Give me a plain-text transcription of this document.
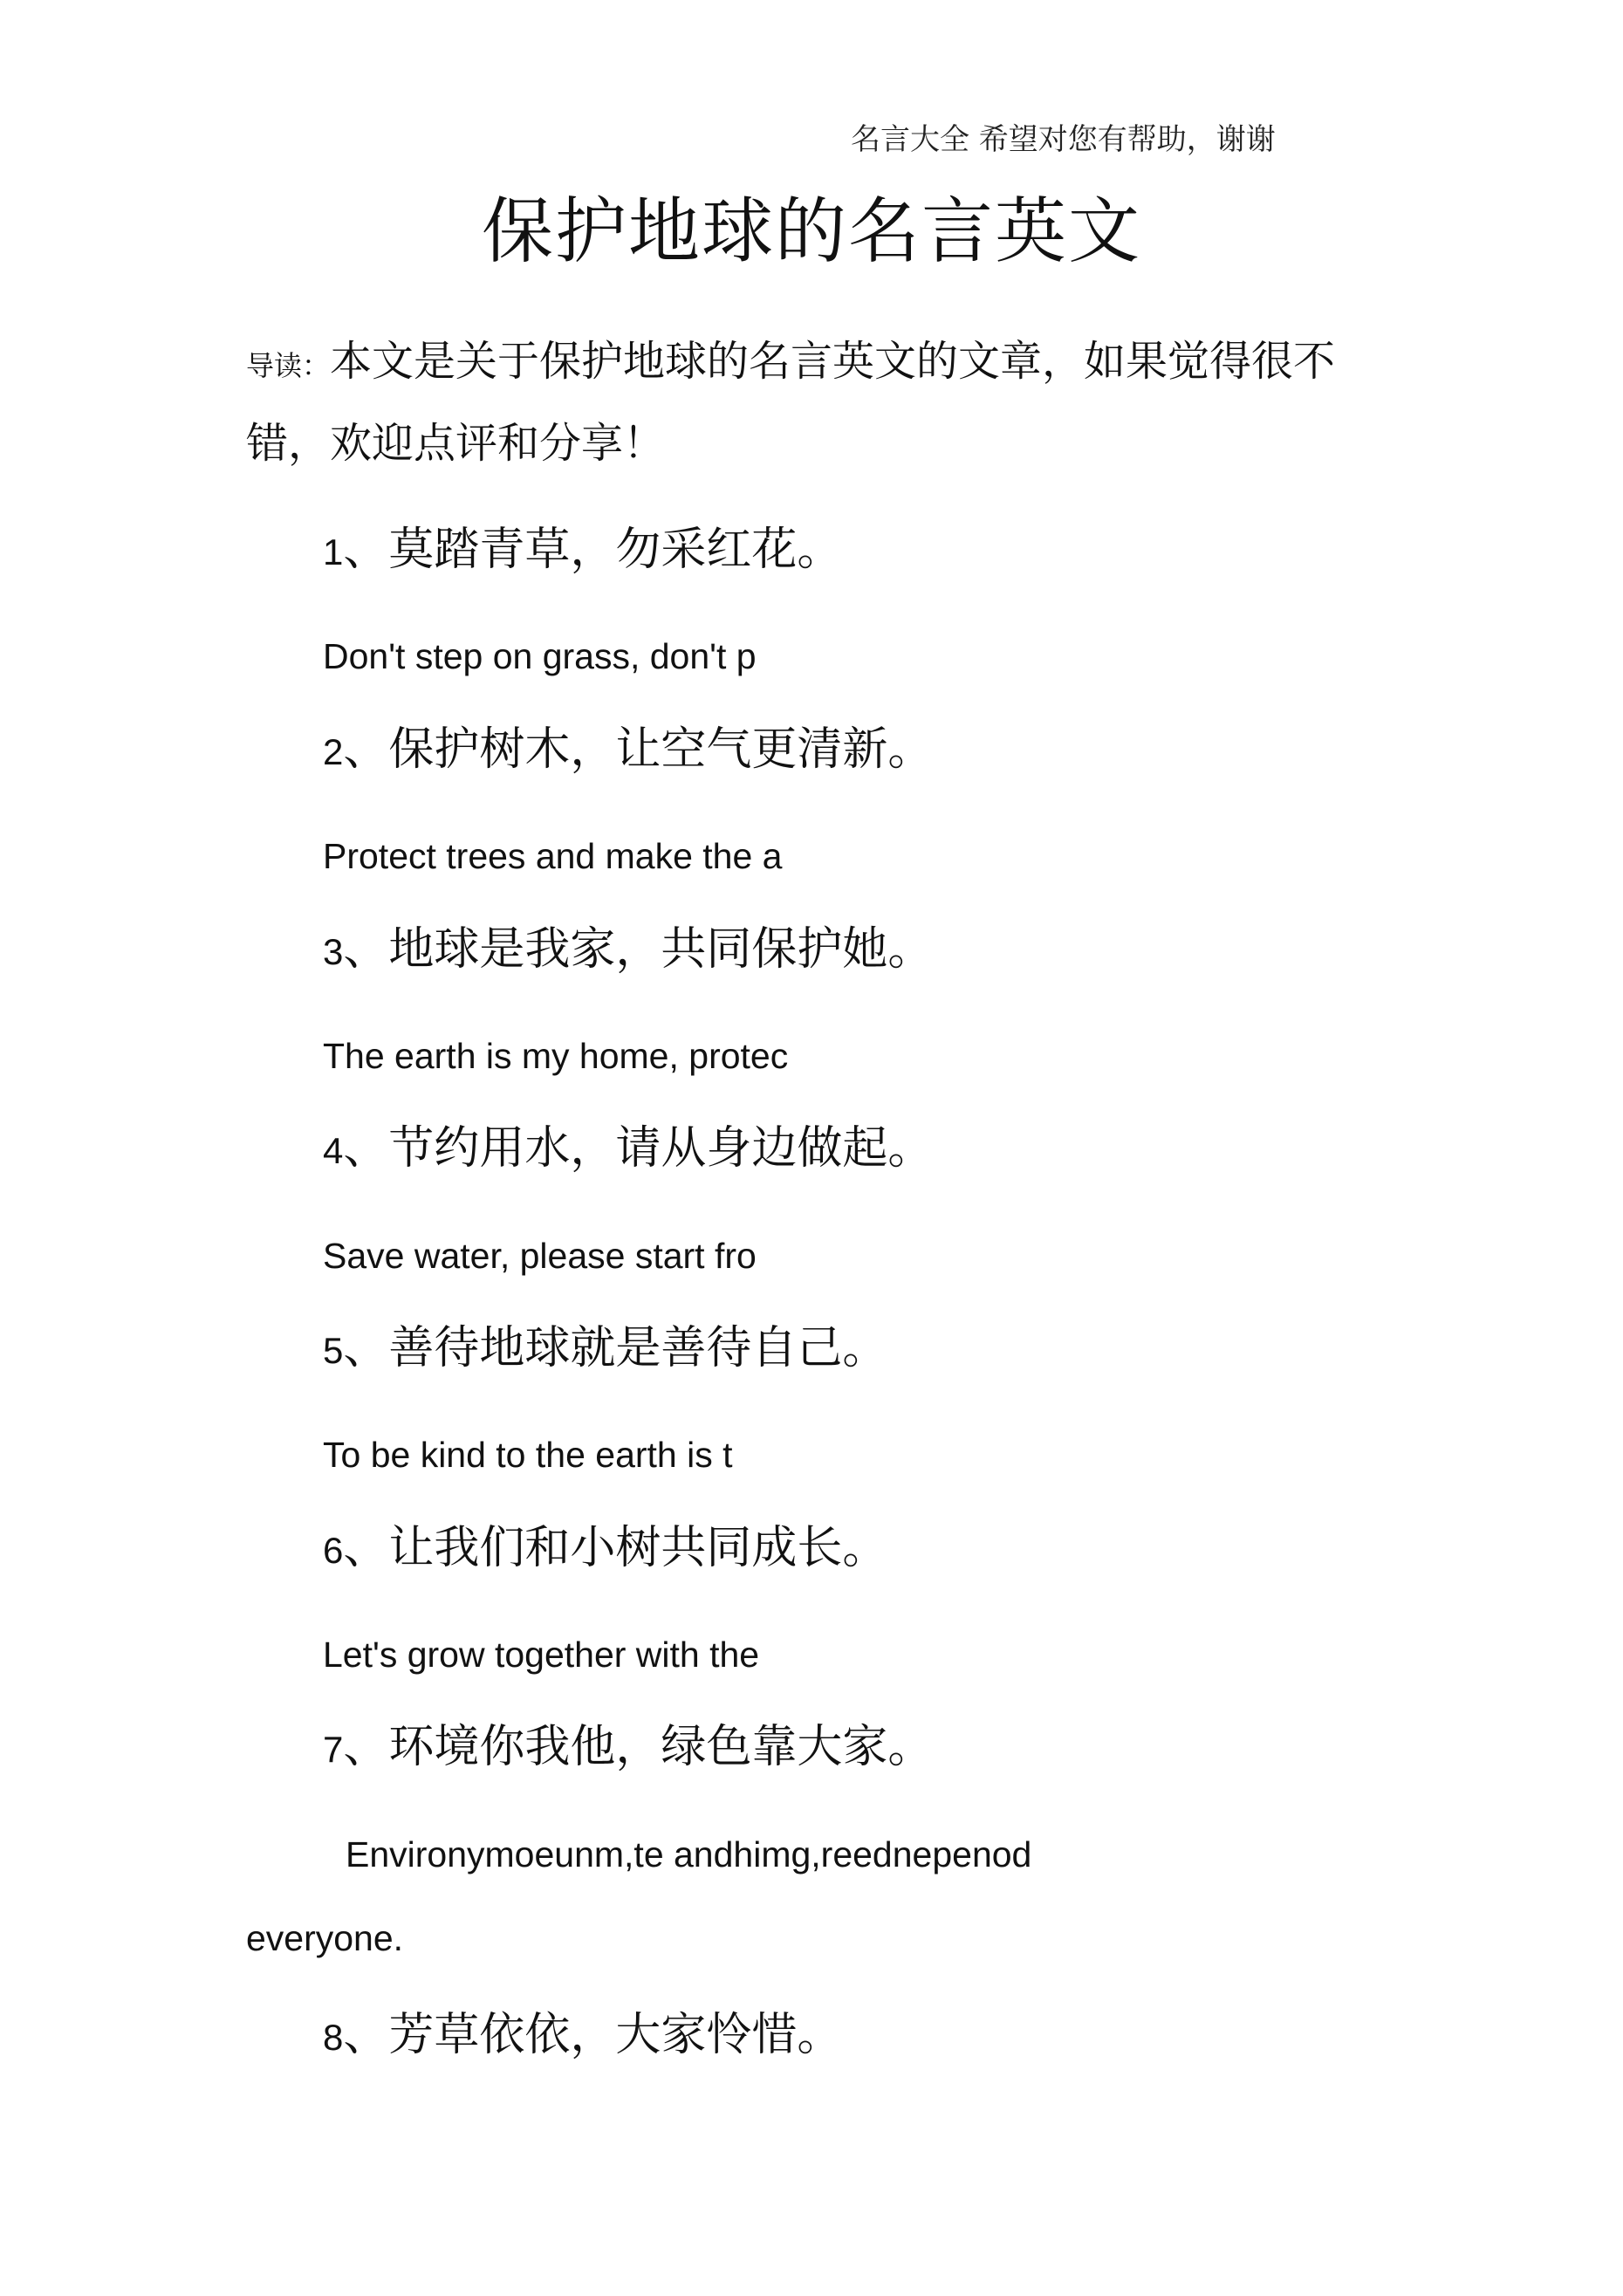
名言大全 希望对您有帮助，谢谢
保护地球的名言英文
导读：本文是关于保护地球的名言英文的文章，如果觉得很不
错，欢迎点评和分享！
1、莫踏青草，勿采红花。
Don't step on grass, don't p
2、保护树木，让空气更清新。
Protect trees and make the a
3、地球是我家，共同保护她。
The earth is my home, protec
4、节约用水，请从身边做起。
Save water, please start fro
5、善待地球就是善待自己。
To be kind to the earth is t
6、让我们和小树共同成长。
Let's grow together with the
7、环境你我他，绿色靠大家。
Environymoeunm,te andhimg,reednepenod
everyone.
8、芳草依依，大家怜惜。
